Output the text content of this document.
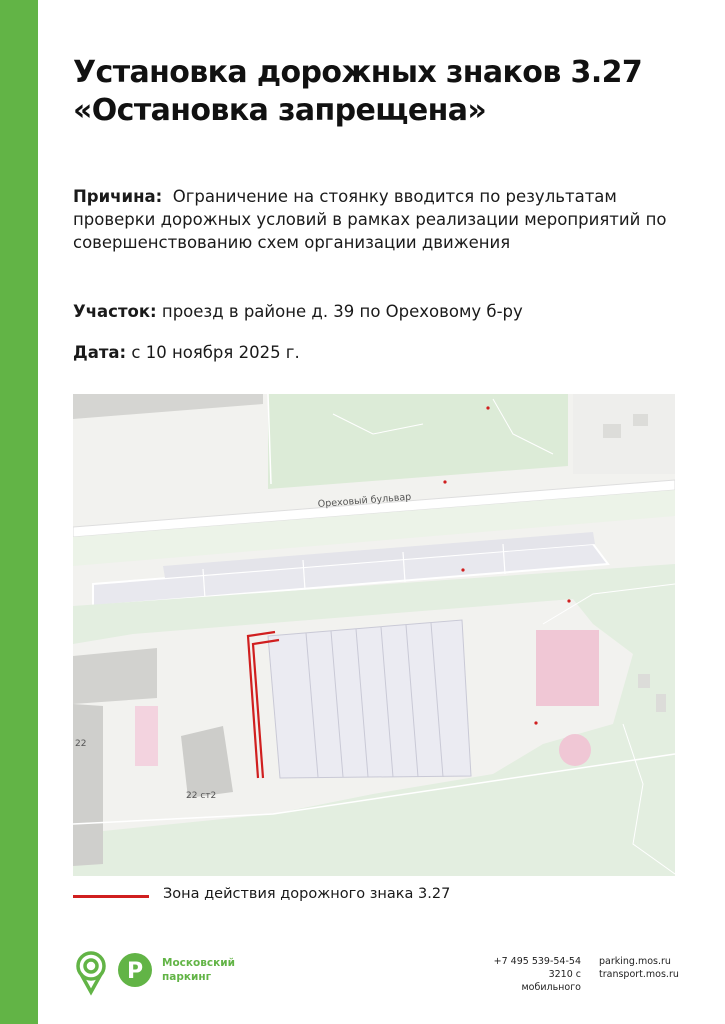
Установка дорожных знаков 3.27
«Остановка запрещена»

Причина: Ограничение на стоянку вводится по результатам проверки дорожных условий в рамках реализации мероприятий по совершенствованию схем организации движения

Участок: проезд в районе д. 39 по Ореховому б-ру

Дата: с 10 ноября 2025 г.

Ореховый бульвар
22
22 ст2
Зона действия дорожного знака 3.27
P Московский
паркинг
+7 495 539-54-54
3210 с мобильного
parking.mos.ru
transport.mos.ru
